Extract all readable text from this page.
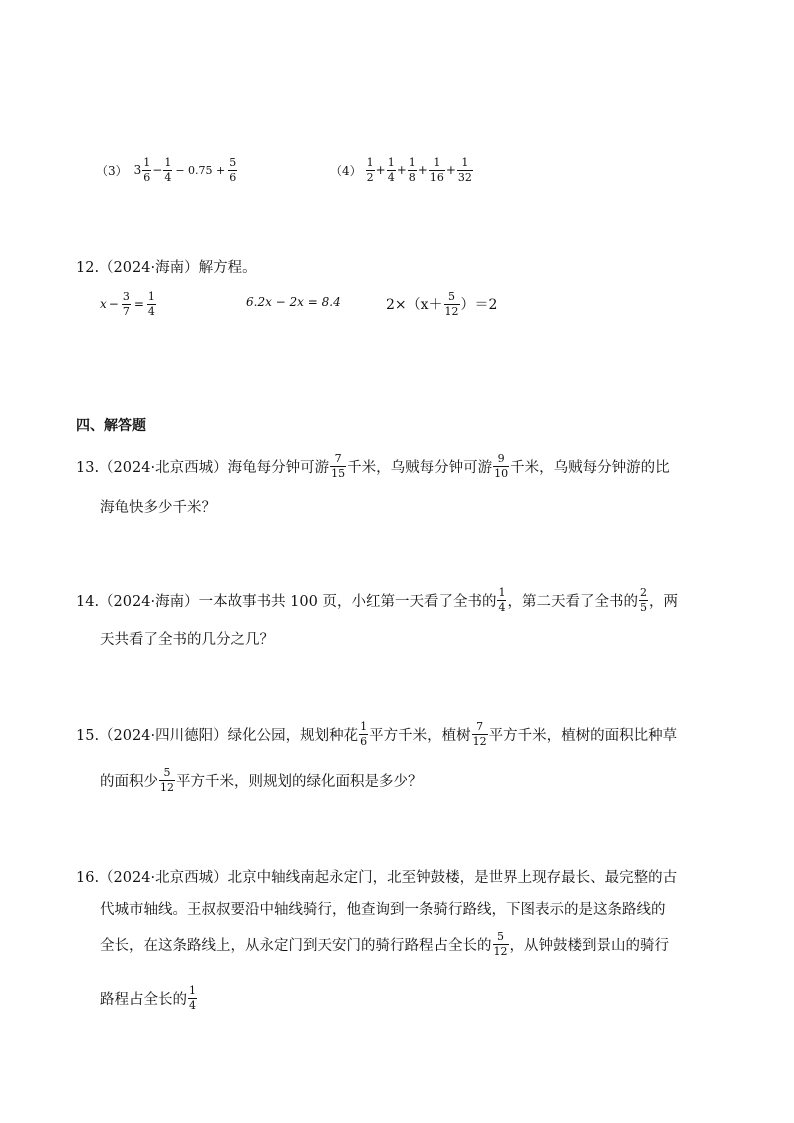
（3） $3 \frac{1}{6} - \frac{1}{4} - 0.75 + \frac{5}{6}$	$(4) \frac{1}{2} + \frac{1}{4} + \frac{1}{8} + \frac{1}{16} + \frac{1}{32}$
12.（2024·海南）解方程。
$x - \frac{3}{7} = \frac{1}{4}$	6.2x − 2x = 8.4	$2\times(x+ \frac{5}{12} )=2$
四、解答题
13.（2024·北京西城）海龟每分钟可游 $\frac{7}{15}$ 千米，乌贼每分钟可游 $\frac{9}{10}$ 千米，乌贼每分钟游的比
海龟快多少千米？
14.（2024·海南）一本故事书共 100 页，小红第一天看了全书的 $\frac{1}{4}$ ，第二天看了全书的 $\frac{2}{5}$ ，两
天共看了全书的几分之几？
15.（2024·四川德阳）绿化公园，规划种花 $\frac{1}{6}$ 平方千米，植树 $\frac{7}{12}$ 平方千米，植树的面积比种草
的面积少 $\frac{5}{12}$ 平方千米，则规划的绿化面积是多少？
16.（2024·北京西城）北京中轴线南起永定门，北至钟鼓楼，是世界上现存最长、最完整的古
代城市轴线。王叔叔要沿中轴线骑行，他查询到一条骑行路线，下图表示的是这条路线的
全长，在这条路线上，从永定门到天安门的骑行路程占全长的 $\frac{5}{12}$ ，从钟鼓楼到景山的骑行
路程占全长的 $\frac{1}{4}$
